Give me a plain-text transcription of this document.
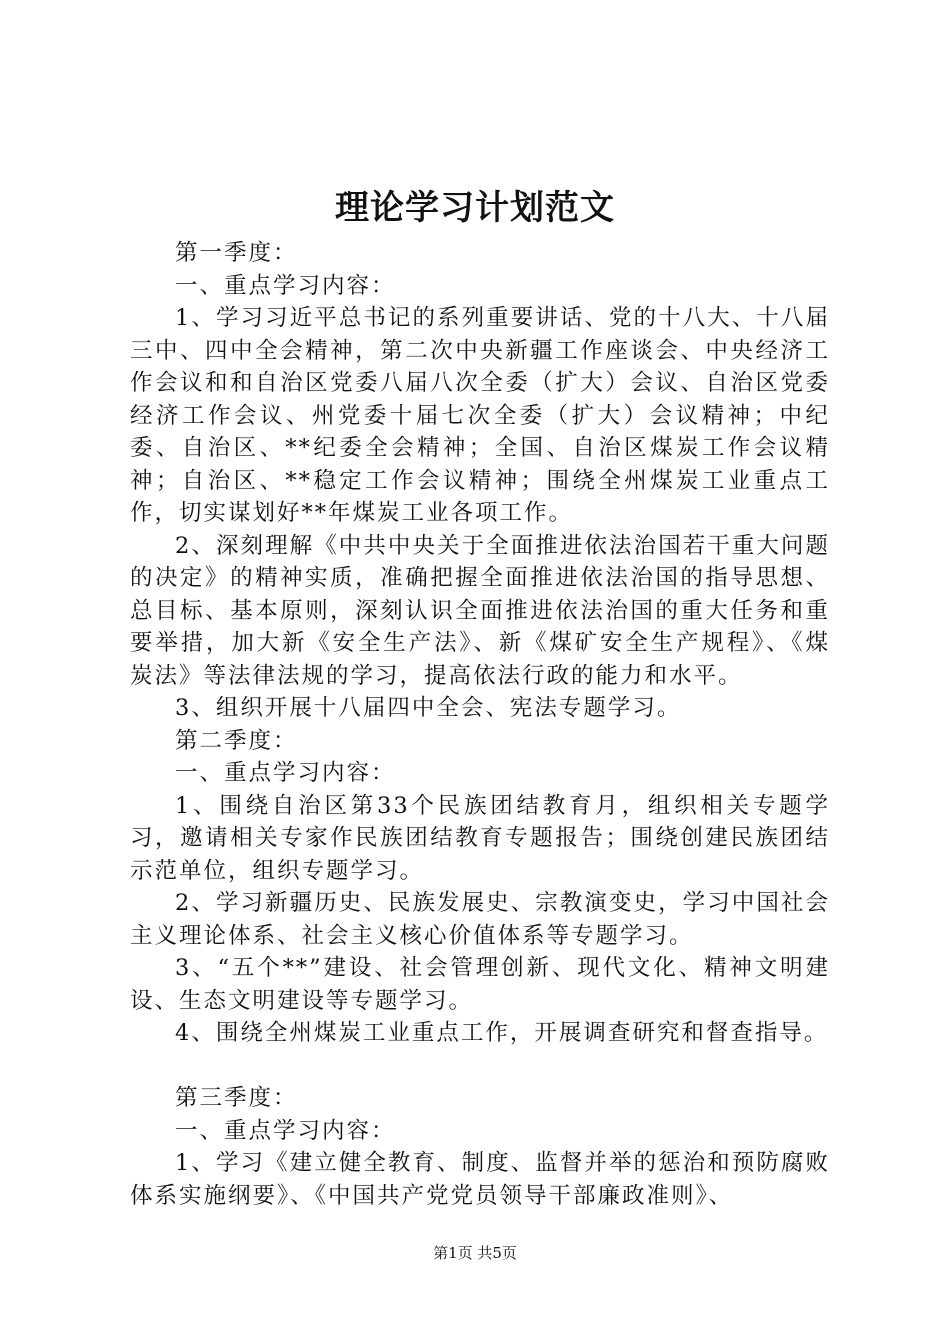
理论学习计划范文

第一季度：

一、重点学习内容：

1、学习习近平总书记的系列重要讲话、党的十八大、十八届三中、四中全会精神，第二次中央新疆工作座谈会、中央经济工作会议和和自治区党委八届八次全委（扩大）会议、自治区党委经济工作会议、州党委十届七次全委（扩大）会议精神；中纪委、自治区、**纪委全会精神；全国、自治区煤炭工作会议精神；自治区、**稳定工作会议精神；围绕全州煤炭工业重点工作，切实谋划好**年煤炭工业各项工作。

2、深刻理解《中共中央关于全面推进依法治国若干重大问题的决定》的精神实质，准确把握全面推进依法治国的指导思想、总目标、基本原则，深刻认识全面推进依法治国的重大任务和重要举措，加大新《安全生产法》、新《煤矿安全生产规程》、《煤炭法》等法律法规的学习，提高依法行政的能力和水平。

3、组织开展十八届四中全会、宪法专题学习。

第二季度：

一、重点学习内容：

1、围绕自治区第33个民族团结教育月，组织相关专题学习，邀请相关专家作民族团结教育专题报告；围绕创建民族团结示范单位，组织专题学习。

2、学习新疆历史、民族发展史、宗教演变史，学习中国社会主义理论体系、社会主义核心价值体系等专题学习。

3、“五个**”建设、社会管理创新、现代文化、精神文明建设、生态文明建设等专题学习。

4、围绕全州煤炭工业重点工作，开展调查研究和督查指导。

第三季度：

一、重点学习内容：

1、学习《建立健全教育、制度、监督并举的惩治和预防腐败体系实施纲要》、《中国共产党党员领导干部廉政准则》、

第1页 共5页
